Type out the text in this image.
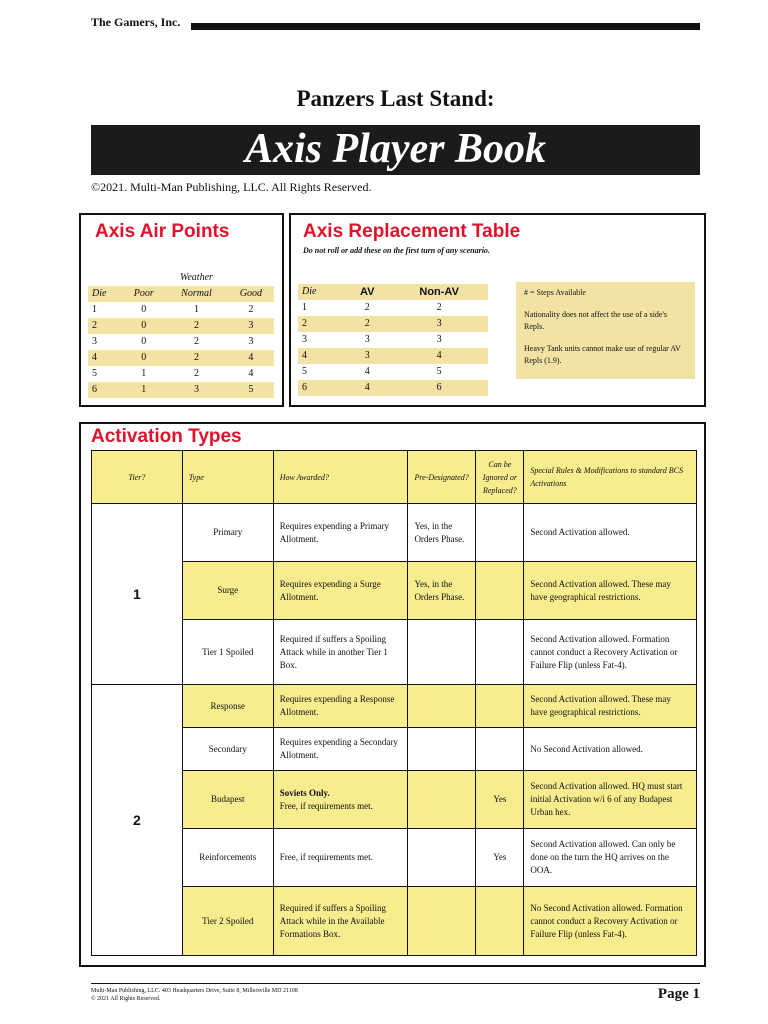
The Gamers, Inc.
Panzers Last Stand:
Axis Player Book
©2021. Multi-Man Publishing, LLC. All Rights Reserved.
Axis Air Points
		Weather	
Die	Poor	Normal	Good
1	0	1	2
2	0	2	3
3	0	2	3
4	0	2	4
5	1	2	4
6	1	3	5
Axis Replacement Table
Do not roll or add these on the first turn of any scenario.
Die	AV	Non-AV
1	2	2
2	2	3
3	3	3
4	3	4
5	4	5
6	4	6

# = Steps Available

Nationality does not affect the use of a side's Repls.

Heavy Tank units cannot make use of regular AV Repls (1.9).

Activation Types
Tier?	Type	How Awarded?	Pre-Designated?	Can be Ignored or Replaced?	Special Rules & Modifications to standard BCS Activations
1	Primary	Requires expending a Primary Allotment.	Yes, in the Orders Phase.		Second Activation allowed.
	Surge	Requires expending a Surge Allotment.	Yes, in the Orders Phase.		Second Activation allowed. These may have geographical restrictions.
	Tier 1 Spoiled	Required if suffers a Spoiling Attack while in another Tier 1 Box.			Second Activation allowed. Formation cannot conduct a Recovery Activation or Failure Flip (unless Fat-4).
2	Response	Requires expending a Response Allotment.			Second Activation allowed. These may have geographical restrictions.
	Secondary	Requires expending a Secondary Allotment.			No Second Activation allowed.
	Budapest	Soviets Only.
Free, if requirements met.		Yes	Second Activation allowed. HQ must start initial Activation w/i 6 of any Budapest Urban hex.
	Reinforcements	Free, if requirements met.		Yes	Second Activation allowed. Can only be done on the turn the HQ arrives on the OOA.
	Tier 2 Spoiled	Required if suffers a Spoiling Attack while in the Available Formations Box.			No Second Activation allowed. Formation cannot conduct a Recovery Activation or Failure Flip (unless Fat-4).
Multi-Man Publishing, LLC. 403 Headquarters Drive, Suite 8, Millersville MD 21108
© 2021 All Rights Reserved.	Page 1
